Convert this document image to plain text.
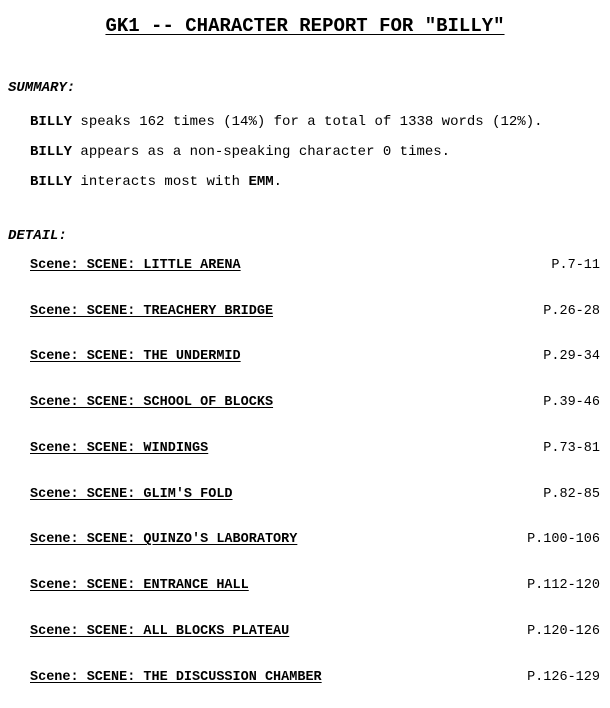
GK1 -- CHARACTER REPORT FOR "BILLY"
SUMMARY:
BILLY speaks 162 times (14%) for a total of 1338 words (12%).
BILLY appears as a non-speaking character 0 times.
BILLY interacts most with EMM.
DETAIL:
Scene: SCENE: LITTLE ARENA	P.7-11
Scene: SCENE: TREACHERY BRIDGE	P.26-28
Scene: SCENE: THE UNDERMID	P.29-34
Scene: SCENE: SCHOOL OF BLOCKS	P.39-46
Scene: SCENE: WINDINGS	P.73-81
Scene: SCENE: GLIM'S FOLD	P.82-85
Scene: SCENE: QUINZO'S LABORATORY	P.100-106
Scene: SCENE: ENTRANCE HALL	P.112-120
Scene: SCENE: ALL BLOCKS PLATEAU	P.120-126
Scene: SCENE: THE DISCUSSION CHAMBER	P.126-129
